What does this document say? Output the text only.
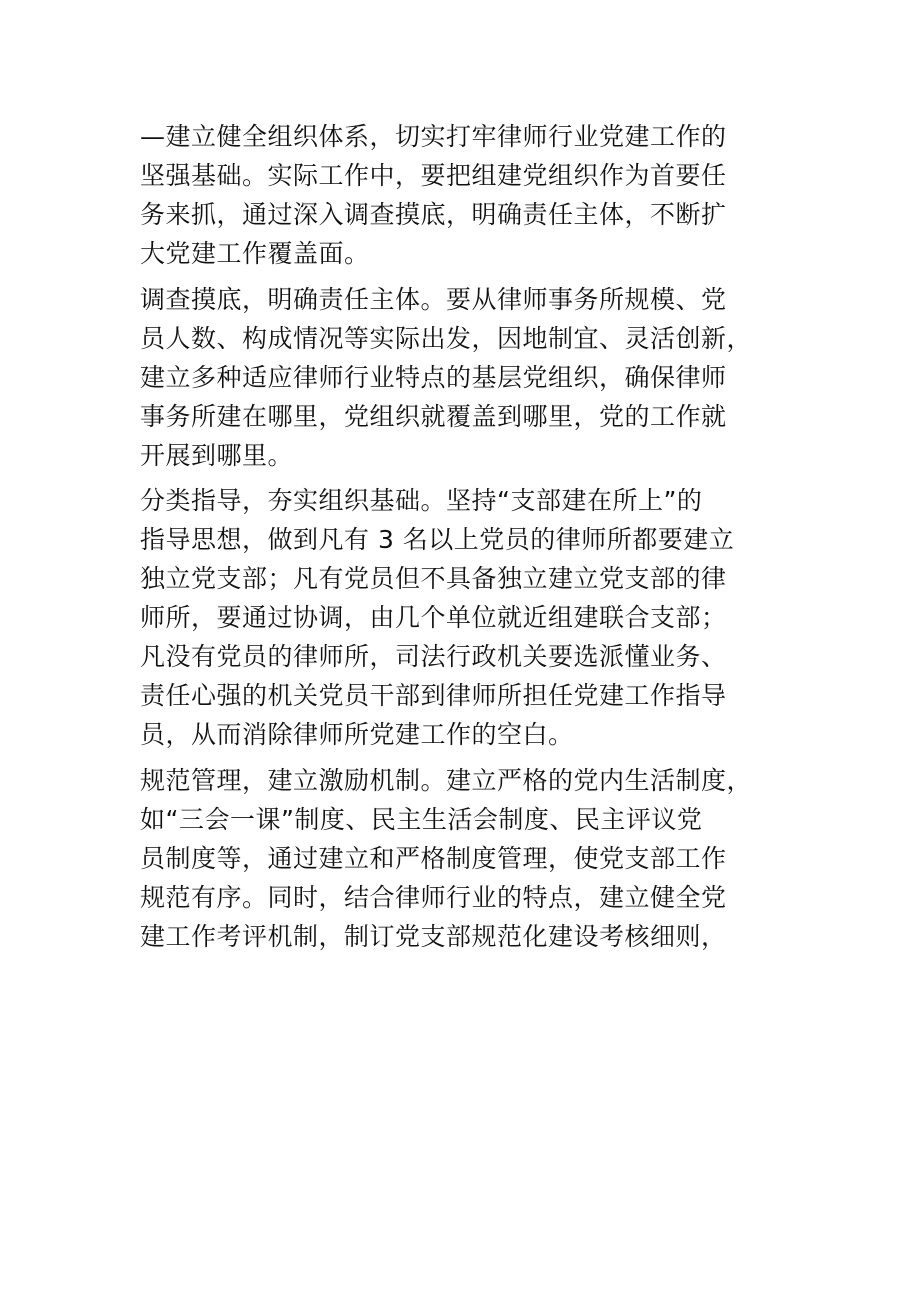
—建立健全组织体系，切实打牢律师行业党建工作的
坚强基础。实际工作中，要把组建党组织作为首要任
务来抓，通过深入调查摸底，明确责任主体，不断扩
大党建工作覆盖面。
调查摸底，明确责任主体。要从律师事务所规模、党
员人数、构成情况等实际出发，因地制宜、灵活创新，
建立多种适应律师行业特点的基层党组织，确保律师
事务所建在哪里，党组织就覆盖到哪里，党的工作就
开展到哪里。
分类指导，夯实组织基础。坚持“支部建在所上”的
指导思想，做到凡有 3 名以上党员的律师所都要建立
独立党支部；凡有党员但不具备独立建立党支部的律
师所，要通过协调，由几个单位就近组建联合支部；
凡没有党员的律师所，司法行政机关要选派懂业务、
责任心强的机关党员干部到律师所担任党建工作指导
员，从而消除律师所党建工作的空白。
规范管理，建立激励机制。建立严格的党内生活制度，
如“三会一课”制度、民主生活会制度、民主评议党
员制度等，通过建立和严格制度管理，使党支部工作
规范有序。同时，结合律师行业的特点，建立健全党
建工作考评机制，制订党支部规范化建设考核细则，
